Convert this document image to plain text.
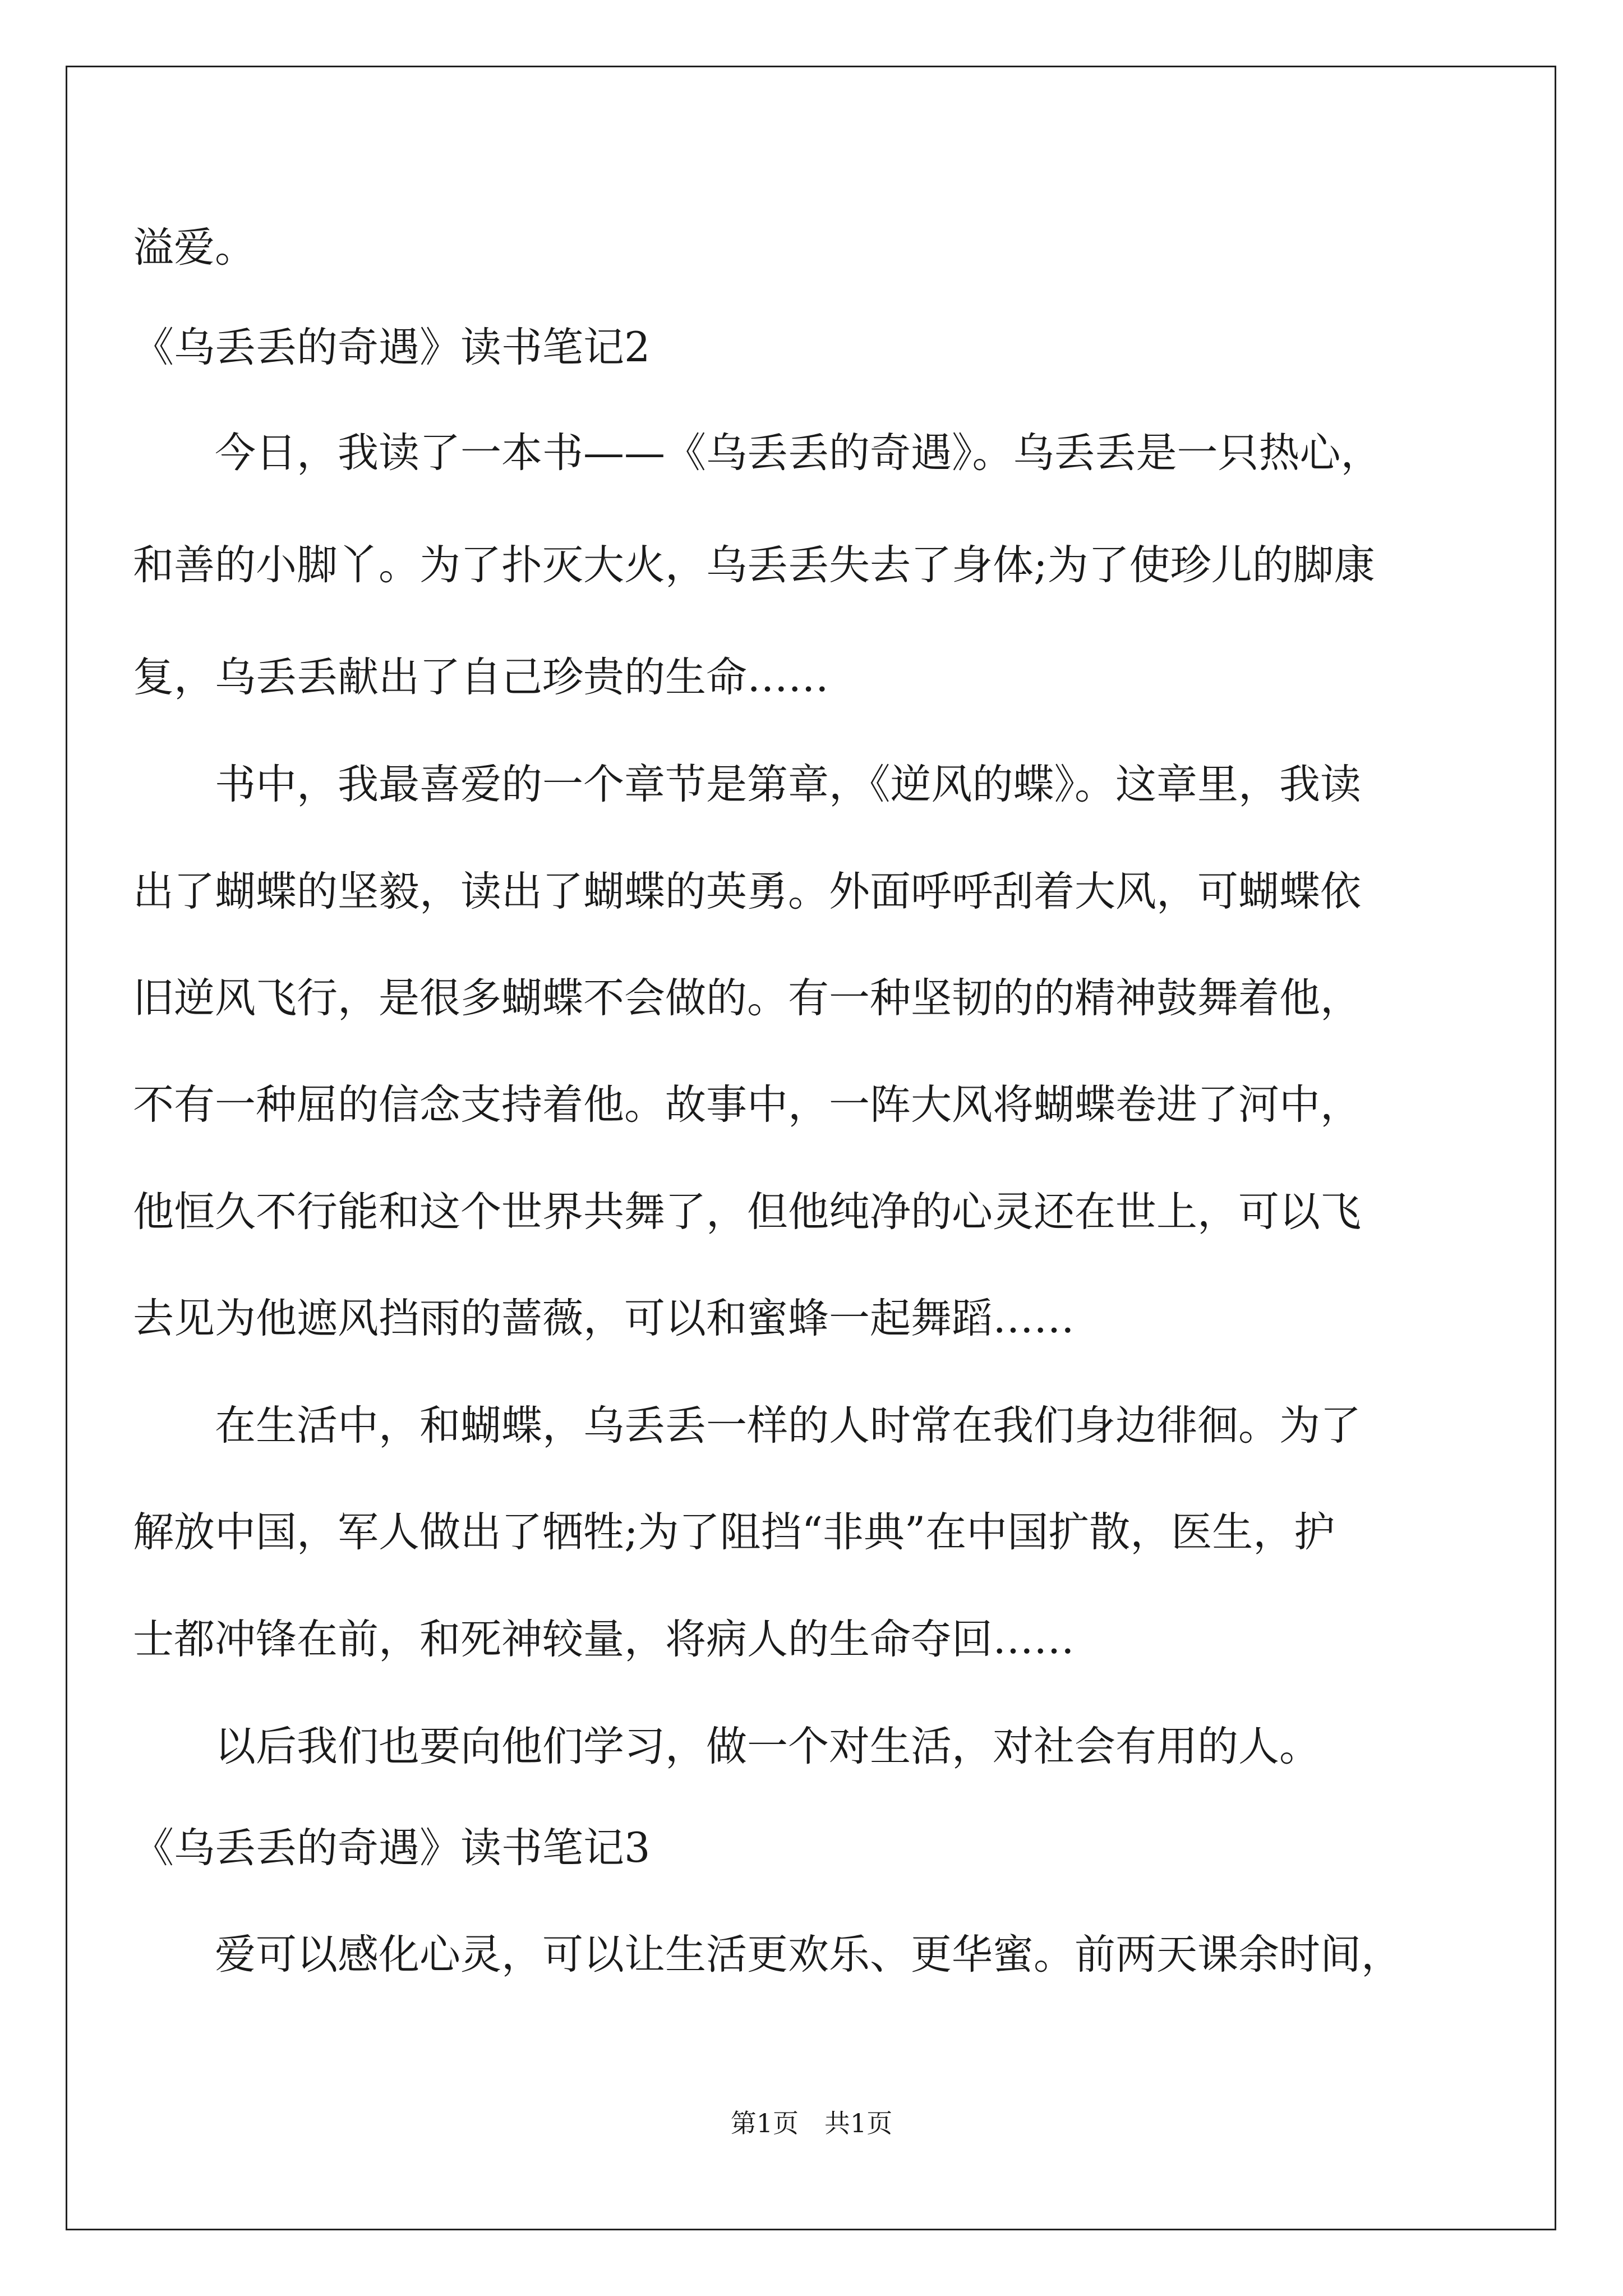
溢爱。
《乌丢丢的奇遇》读书笔记2
今日，我读了一本书——《乌丢丢的奇遇》。乌丢丢是一只热心，
和善的小脚丫。为了扑灭大火，乌丢丢失去了身体;为了使珍儿的脚康
复，乌丢丢献出了自己珍贵的生命……
书中，我最喜爱的一个章节是第章，《逆风的蝶》。这章里，我读
出了蝴蝶的坚毅，读出了蝴蝶的英勇。外面呼呼刮着大风，可蝴蝶依
旧逆风飞行，是很多蝴蝶不会做的。有一种坚韧的的精神鼓舞着他，
不有一种屈的信念支持着他。故事中，一阵大风将蝴蝶卷进了河中，
他恒久不行能和这个世界共舞了，但他纯净的心灵还在世上，可以飞
去见为他遮风挡雨的蔷薇，可以和蜜蜂一起舞蹈……
在生活中，和蝴蝶，乌丢丢一样的人时常在我们身边徘徊。为了
解放中国，军人做出了牺牲;为了阻挡“非典”在中国扩散，医生，护
士都冲锋在前，和死神较量，将病人的生命夺回……
以后我们也要向他们学习，做一个对生活，对社会有用的人。
《乌丢丢的奇遇》读书笔记3
爱可以感化心灵，可以让生活更欢乐、更华蜜。前两天课余时间，
第1页 共1页
